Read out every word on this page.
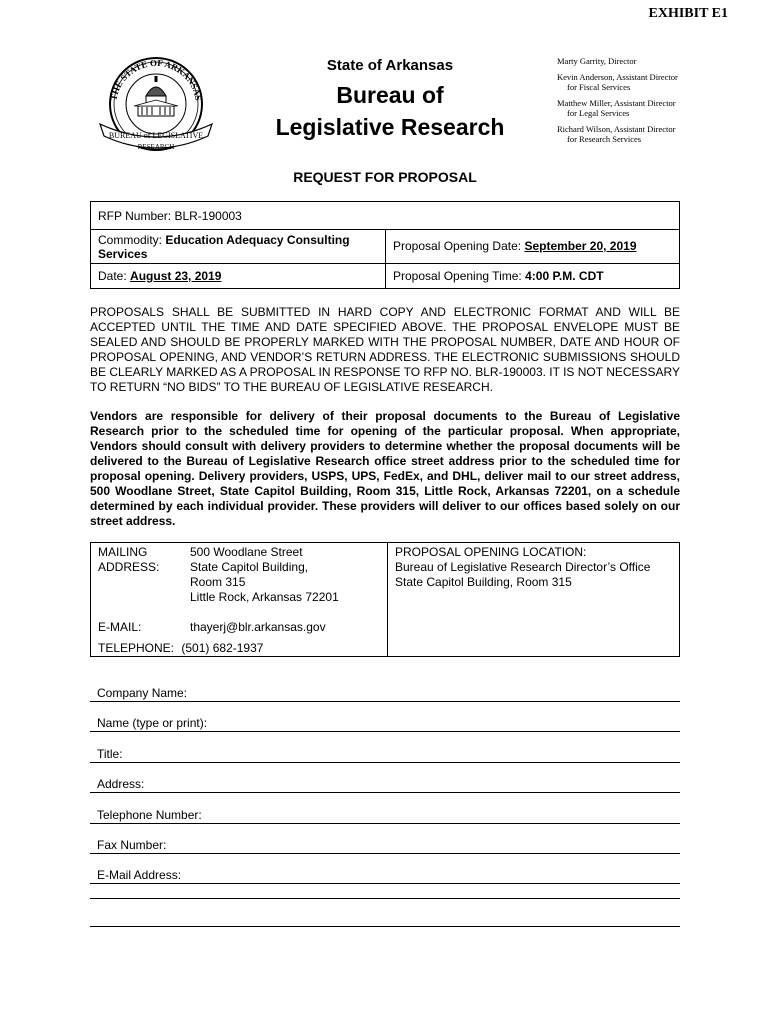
EXHIBIT E1
THE STATE OF ARKANSAS
BUREAU of LEGISLATIVE
RESEARCH
State of Arkansas
Bureau of
Legislative Research
Marty Garrity, Director
Kevin Anderson, Assistant Director
for Fiscal Services
Matthew Miller, Assistant Director
for Legal Services
Richard Wilson, Assistant Director
for Research Services
REQUEST FOR PROPOSAL
RFP Number: BLR-190003
Commodity: Education Adequacy Consulting Services
Proposal Opening Date: September 20, 2019
Date: August 23, 2019	Proposal Opening Time: 4:00 P.M. CDT
PROPOSALS SHALL BE SUBMITTED IN HARD COPY AND ELECTRONIC FORMAT AND WILL BE ACCEPTED UNTIL THE TIME AND DATE SPECIFIED ABOVE. THE PROPOSAL ENVELOPE MUST BE SEALED AND SHOULD BE PROPERLY MARKED WITH THE PROPOSAL NUMBER, DATE AND HOUR OF PROPOSAL OPENING, AND VENDOR’S RETURN ADDRESS. THE ELECTRONIC SUBMISSIONS SHOULD BE CLEARLY MARKED AS A PROPOSAL IN RESPONSE TO RFP NO. BLR-190003. IT IS NOT NECESSARY TO RETURN “NO BIDS” TO THE BUREAU OF LEGISLATIVE RESEARCH.
Vendors are responsible for delivery of their proposal documents to the Bureau of Legislative Research prior to the scheduled time for opening of the particular proposal. When appropriate, Vendors should consult with delivery providers to determine whether the proposal documents will be delivered to the Bureau of Legislative Research office street address prior to the scheduled time for proposal opening. Delivery providers, USPS, UPS, FedEx, and DHL, deliver mail to our street address, 500 Woodlane Street, State Capitol Building, Room 315, Little Rock, Arkansas 72201, on a schedule determined by each individual provider. These providers will deliver to our offices based solely on our street address.
MAILING
ADDRESS:
500 Woodlane Street
State Capitol Building,
Room 315
Little Rock, Arkansas 72201
E-MAIL:	thayerj@blr.arkansas.gov
TELEPHONE: (501) 682-1937
PROPOSAL OPENING LOCATION:
Bureau of Legislative Research Director’s Office
State Capitol Building, Room 315
Company Name:
Name (type or print):
Title:
Address:
Telephone Number:
Fax Number:
E-Mail Address:
